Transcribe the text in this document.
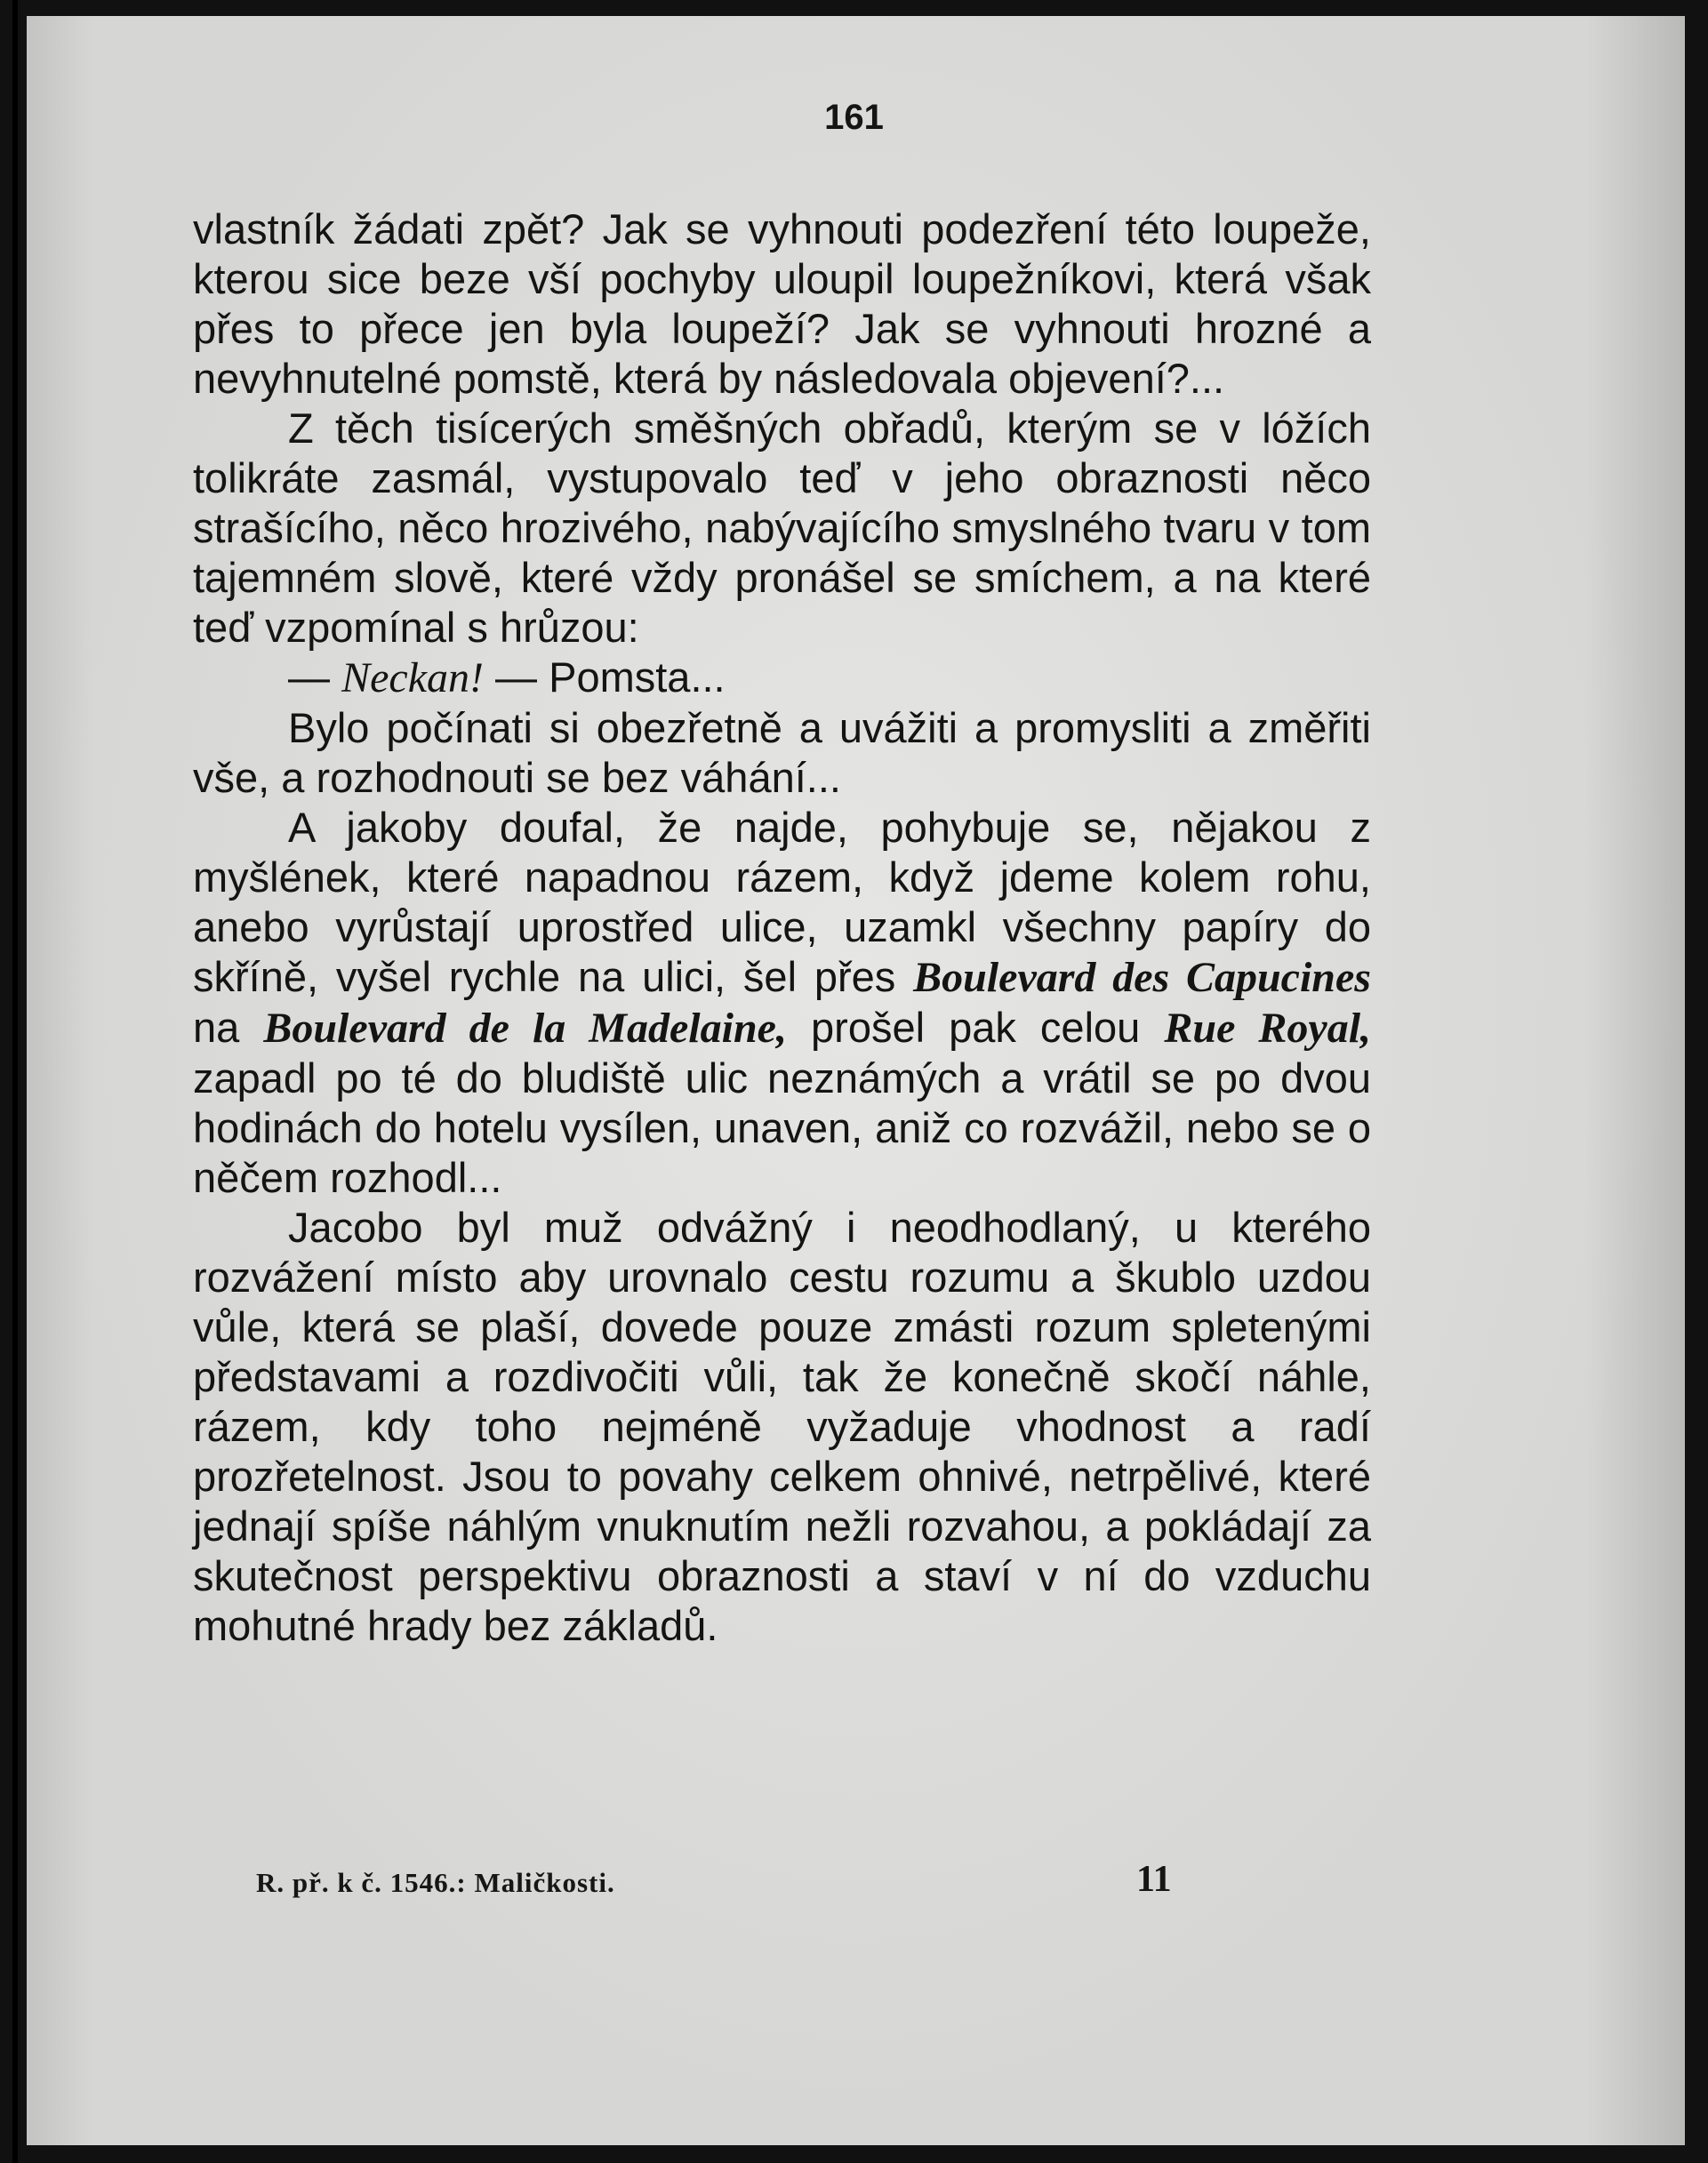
161

vlastník žádati zpět? Jak se vyhnouti podezření této loupeže, kterou sice beze vší pochyby uloupil loupežníkovi, která však přes to přece jen byla loupeží? Jak se vyhnouti hrozné a nevyhnutelné pomstě, která by následovala objevení?...

Z těch tisícerých směšných obřadů, kterým se v lóžích tolikráte zasmál, vystupovalo teď v jeho obraznosti něco strašícího, něco hrozivého, nabývajícího smyslného tvaru v tom tajemném slově, které vždy pronášel se smíchem, a na které teď vzpomínal s hrůzou:

— Neckan! — Pomsta...

Bylo počínati si obezřetně a uvážiti a promysliti a změřiti vše, a rozhodnouti se bez váhání...

A jakoby doufal, že najde, pohybuje se, nějakou z myšlének, které napadnou rázem, když jdeme kolem rohu, anebo vyrůstají uprostřed ulice, uzamkl všechny papíry do skříně, vyšel rychle na ulici, šel přes Boulevard des Capucines na Boulevard de la Madelaine, prošel pak celou Rue Royal, zapadl po té do bludiště ulic neznámých a vrátil se po dvou hodinách do hotelu vysílen, unaven, aniž co rozvážil, nebo se o něčem rozhodl...

Jacobo byl muž odvážný i neodhodlaný, u kterého rozvážení místo aby urovnalo cestu rozumu a škublo uzdou vůle, která se plaší, dovede pouze zmásti rozum spletenými představami a rozdivočiti vůli, tak že konečně skočí náhle, rázem, kdy toho nejméně vyžaduje vhodnost a radí prozřetelnost. Jsou to povahy celkem ohnivé, netrpělivé, které jednají spíše náhlým vnuknutím nežli rozvahou, a pokládají za skutečnost perspektivu obraznosti a staví v ní do vzduchu mohutné hrady bez základů.

R. př. k č. 1546.: Maličkosti.	11
